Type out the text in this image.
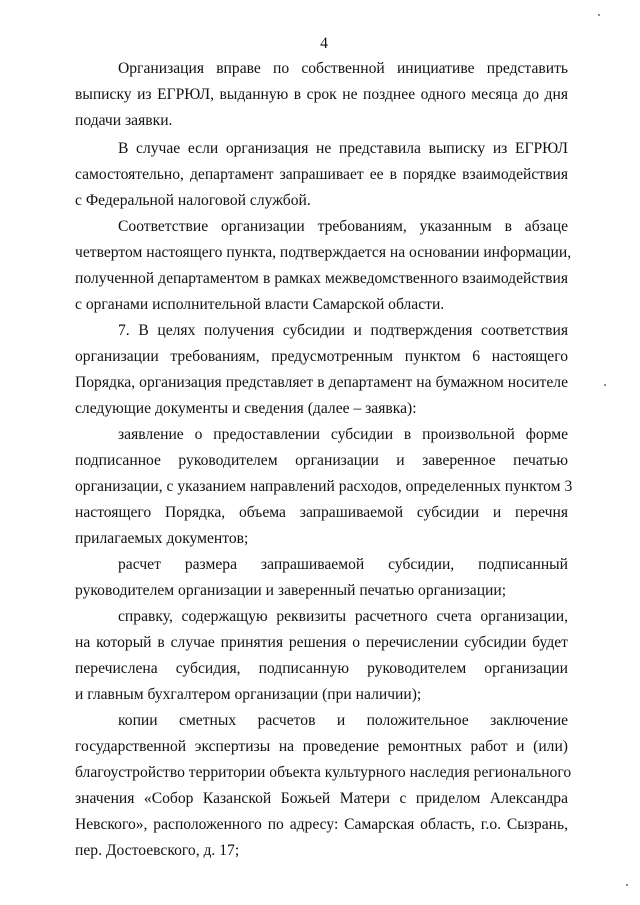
4
Организация вправе по собственной инициативе представить
выписку из ЕГРЮЛ, выданную в срок не позднее одного месяца до дня
подачи заявки.
В случае если организация не представила выписку из ЕГРЮЛ
самостоятельно, департамент запрашивает ее в порядке взаимодействия
с Федеральной налоговой службой.
Соответствие организации требованиям, указанным в абзаце
четвертом настоящего пункта, подтверждается на основании информации,
полученной департаментом в рамках межведомственного взаимодействия
с органами исполнительной власти Самарской области.
7. В целях получения субсидии и подтверждения соответствия
организации требованиям, предусмотренным пунктом 6 настоящего
Порядка, организация представляет в департамент на бумажном носителе
следующие документы и сведения (далее – заявка):
заявление о предоставлении субсидии в произвольной форме
подписанное руководителем организации и заверенное печатью
организации, с указанием направлений расходов, определенных пунктом 3
настоящего Порядка, объема запрашиваемой субсидии и перечня
прилагаемых документов;
расчет размера запрашиваемой субсидии, подписанный
руководителем организации и заверенный печатью организации;
справку, содержащую реквизиты расчетного счета организации,
на который в случае принятия решения о перечислении субсидии будет
перечислена субсидия, подписанную руководителем организации
и главным бухгалтером организации (при наличии);
копии сметных расчетов и положительное заключение
государственной экспертизы на проведение ремонтных работ и (или)
благоустройство территории объекта культурного наследия регионального
значения «Собор Казанской Божьей Матери с приделом Александра
Невского», расположенного по адресу: Самарская область, г.о. Сызрань,
пер. Достоевского, д. 17;
